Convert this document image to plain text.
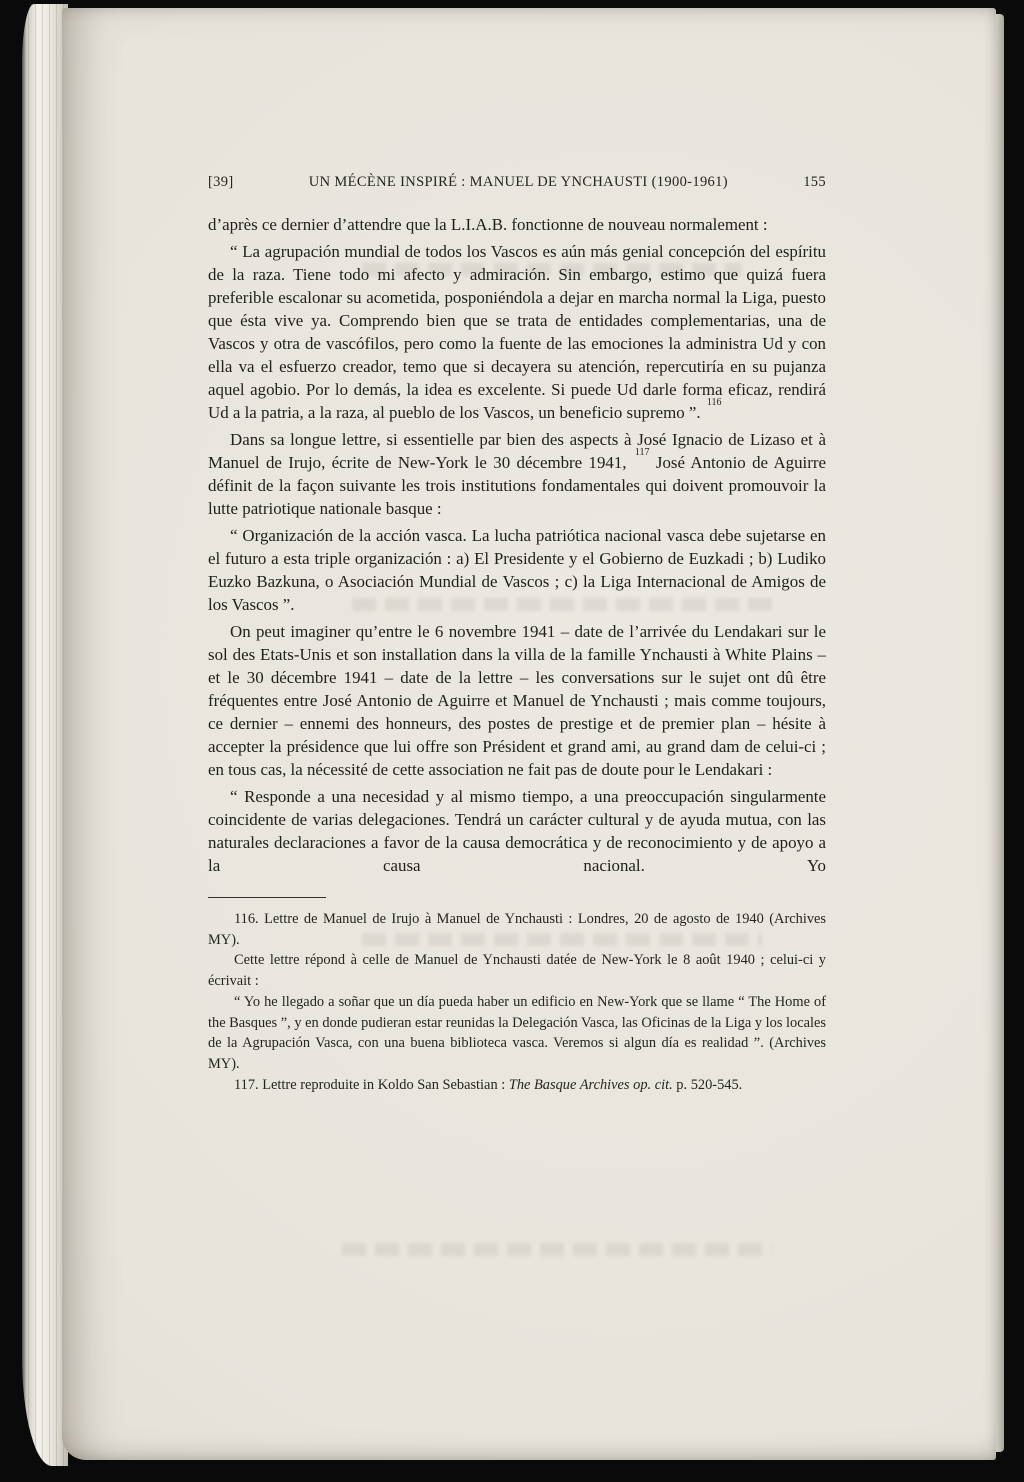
[39]	UN MÉCÈNE INSPIRÉ : MANUEL DE YNCHAUSTI (1900-1961)	155

d’après ce dernier d’attendre que la L.I.A.B. fonctionne de nouveau normalement :

“ La agrupación mundial de todos los Vascos es aún más genial concepción del espíritu de la raza. Tiene todo mi afecto y admiración. Sin embargo, estimo que quizá fuera preferible escalonar su acometida, posponiéndola a dejar en marcha normal la Liga, puesto que ésta vive ya. Comprendo bien que se trata de entidades complementarias, una de Vascos y otra de vascófilos, pero como la fuente de las emociones la administra Ud y con ella va el esfuerzo creador, temo que si decayera su atención, repercutiría en su pujanza aquel agobio. Por lo demás, la idea es excelente. Si puede Ud darle forma eficaz, rendirá Ud a la patria, a la raza, al pueblo de los Vascos, un beneficio supremo ”. $^{116}$

Dans sa longue lettre, si essentielle par bien des aspects à José Ignacio de Lizaso et à Manuel de Irujo, écrite de New-York le 30 décembre 1941, $^{117}$ José Antonio de Aguirre définit de la façon suivante les trois institutions fondamentales qui doivent promouvoir la lutte patriotique nationale basque :

“ Organización de la acción vasca. La lucha patriótica nacional vasca debe sujetarse en el futuro a esta triple organización : a) El Presidente y el Gobierno de Euzkadi ; b) Ludiko Euzko Bazkuna, o Asociación Mundial de Vascos ; c) la Liga Internacional de Amigos de los Vascos ”.

On peut imaginer qu’entre le 6 novembre 1941 – date de l’arrivée du Lendakari sur le sol des Etats-Unis et son installation dans la villa de la famille Ynchausti à White Plains – et le 30 décembre 1941 – date de la lettre – les conversations sur le sujet ont dû être fréquentes entre José Antonio de Aguirre et Manuel de Ynchausti ; mais comme toujours, ce dernier – ennemi des honneurs, des postes de prestige et de premier plan – hésite à accepter la présidence que lui offre son Président et grand ami, au grand dam de celui-ci ; en tous cas, la nécessité de cette association ne fait pas de doute pour le Lendakari :

“ Responde a una necesidad y al mismo tiempo, a una preoccupación singularmente coincidente de varias delegaciones. Tendrá un carácter cultural y de ayuda mutua, con las naturales declaraciones a favor de la causa democrática y de reconocimiento y de apoyo a la causa nacional. Yo

116. Lettre de Manuel de Irujo à Manuel de Ynchausti : Londres, 20 de agosto de 1940 (Archives MY).

Cette lettre répond à celle de Manuel de Ynchausti datée de New-York le 8 août 1940 ; celui-ci y écrivait :

“ Yo he llegado a soñar que un día pueda haber un edificio en New-York que se llame “ The Home of the Basques ”, y en donde pudieran estar reunidas la Delegación Vasca, las Oficinas de la Liga y los locales de la Agrupación Vasca, con una buena biblioteca vasca. Veremos si algun día es realidad ”. (Archives MY).

117. Lettre reproduite in Koldo San Sebastian : The Basque Archives op. cit. p. 520-545.
